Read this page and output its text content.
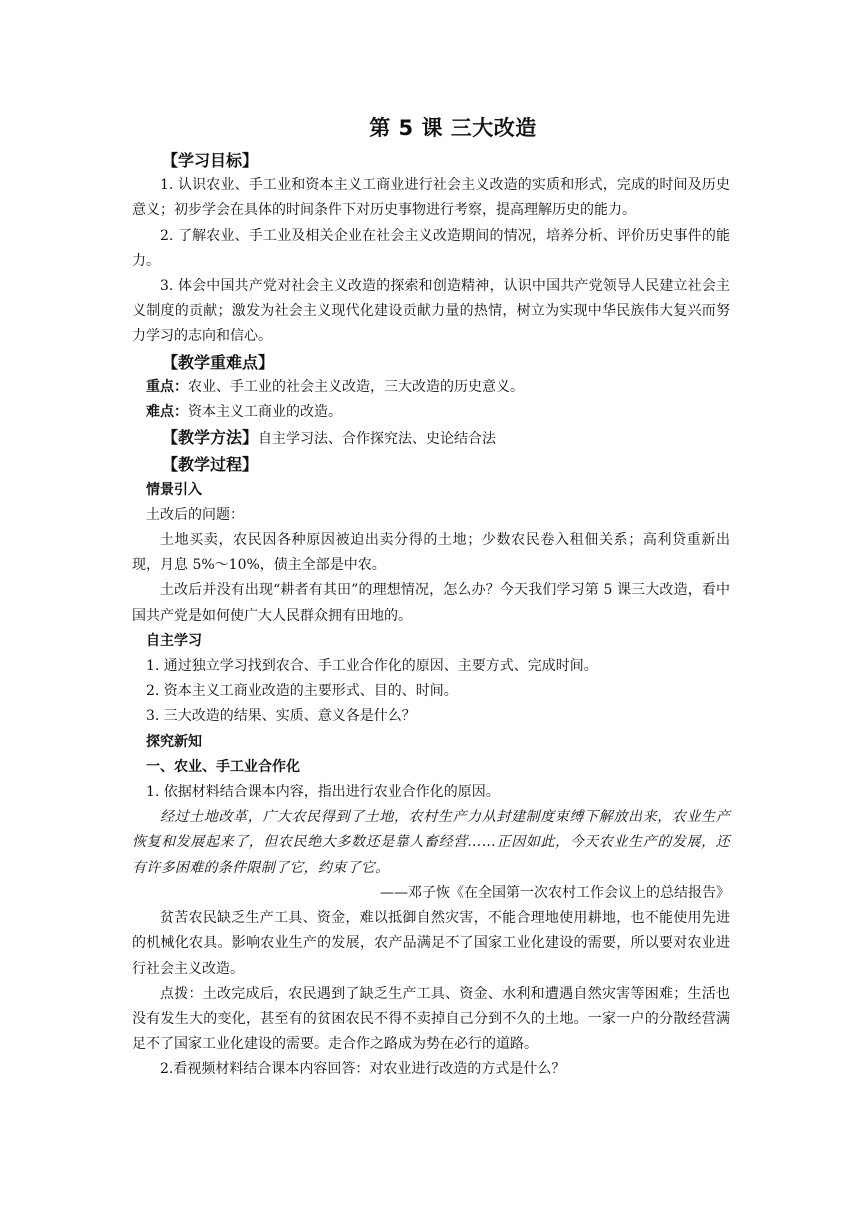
第 5 课 三大改造

【学习目标】

1. 认识农业、手工业和资本主义工商业进行社会主义改造的实质和形式，完成的时间及历史意义；初步学会在具体的时间条件下对历史事物进行考察，提高理解历史的能力。

2. 了解农业、手工业及相关企业在社会主义改造期间的情况，培养分析、评价历史事件的能力。

3. 体会中国共产党对社会主义改造的探索和创造精神，认识中国共产党领导人民建立社会主义制度的贡献；激发为社会主义现代化建设贡献力量的热情，树立为实现中华民族伟大复兴而努力学习的志向和信心。

【教学重难点】

重点：农业、手工业的社会主义改造，三大改造的历史意义。

难点：资本主义工商业的改造。

【教学方法】自主学习法、合作探究法、史论结合法

【教学过程】

情景引入

土改后的问题：

土地买卖，农民因各种原因被迫出卖分得的土地；少数农民卷入租佃关系；高利贷重新出现，月息 5%～10%，债主全部是中农。

土改后并没有出现“耕者有其田”的理想情况，怎么办？今天我们学习第 5 课三大改造，看中国共产党是如何使广大人民群众拥有田地的。

自主学习

1. 通过独立学习找到农合、手工业合作化的原因、主要方式、完成时间。

2. 资本主义工商业改造的主要形式、目的、时间。

3. 三大改造的结果、实质、意义各是什么？

探究新知

一、农业、手工业合作化

1. 依据材料结合课本内容，指出进行农业合作化的原因。

经过土地改革，广大农民得到了土地，农村生产力从封建制度束缚下解放出来，农业生产恢复和发展起来了，但农民绝大多数还是靠人畜经营……正因如此，今天农业生产的发展，还有许多困难的条件限制了它，约束了它。

——邓子恢《在全国第一次农村工作会议上的总结报告》

贫苦农民缺乏生产工具、资金，难以抵御自然灾害，不能合理地使用耕地，也不能使用先进的机械化农具。影响农业生产的发展，农产品满足不了国家工业化建设的需要，所以要对农业进行社会主义改造。

点拨：土改完成后，农民遇到了缺乏生产工具、资金、水利和遭遇自然灾害等困难；生活也没有发生大的变化，甚至有的贫困农民不得不卖掉自己分到不久的土地。一家一户的分散经营满足不了国家工业化建设的需要。走合作之路成为势在必行的道路。

2.看视频材料结合课本内容回答：对农业进行改造的方式是什么？
